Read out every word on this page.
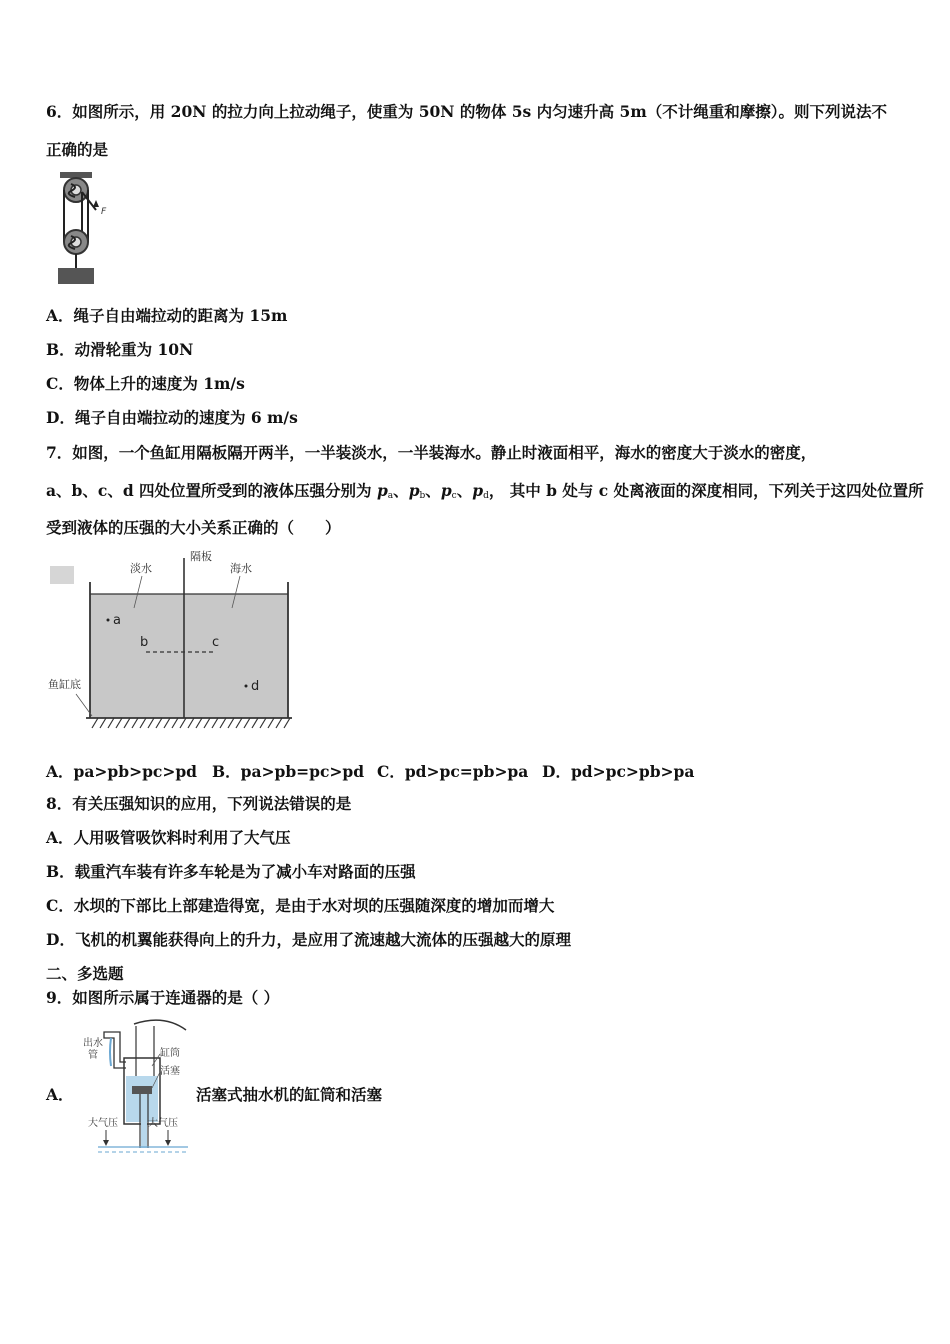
6．如图所示，用 20N 的拉力向上拉动绳子，使重为 50N 的物体 5s 内匀速升高 5m（不计绳重和摩擦）。则下列说法不
正确的是
F
A．绳子自由端拉动的距离为 15m
B．动滑轮重为 10N
C．物体上升的速度为 1m/s
D．绳子自由端拉动的速度为 6 m/s
7．如图，一个鱼缸用隔板隔开两半，一半装淡水，一半装海水。静止时液面相平，海水的密度大于淡水的密度，
a、b、c、d 四处位置所受到的液体压强分别为 $p_a$、$p_b$、$p_c$、$p_d$， 其中 b 处与 c 处离液面的深度相同，下列关于这四处位置所
受到液体的压强的大小关系正确的（　　）
淡水
隔板
海水
a
b	c
d
鱼缸底
A．pa>pb>pc>pd B．pa>pb=pc>pd C．pd>pc=pb>pa D．pd>pc>pb>pa
8．有关压强知识的应用，下列说法错误的是
A．人用吸管吸饮料时利用了大气压
B．载重汽车装有许多车轮是为了减小车对路面的压强
C．水坝的下部比上部建造得宽，是由于水对坝的压强随深度的增加而增大
D．飞机的机翼能获得向上的升力，是应用了流速越大流体的压强越大的原理
二、多选题
9．如图所示属于连通器的是（ ）
A．
出水
管	缸筒
活塞
大气压	大气压
活塞式抽水机的缸筒和活塞
